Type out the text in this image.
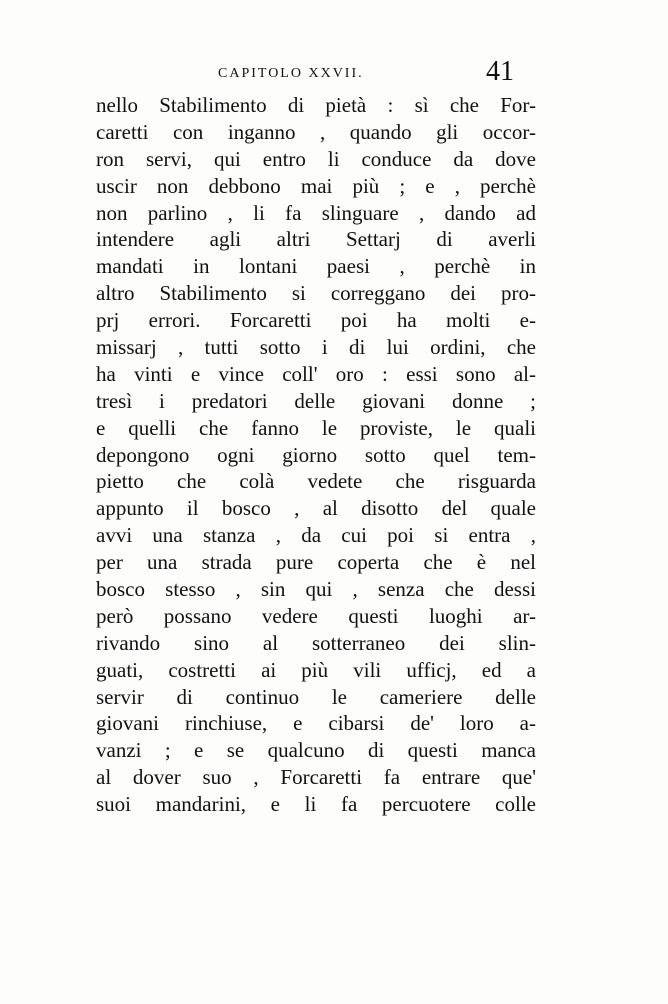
CAPITOLO XXVII.	41
nello Stabilimento di pietà : sì che For-
caretti con inganno , quando gli occor-
ron servi, qui entro li conduce da dove
uscir non debbono mai più ; e , perchè
non parlino , li fa slinguare , dando ad
intendere agli altri Settarj di averli
mandati in lontani paesi , perchè in
altro Stabilimento si correggano dei pro-
prj errori. Forcaretti poi ha molti e-
missarj , tutti sotto i di lui ordini, che
ha vinti e vince coll' oro : essi sono al-
tresì i predatori delle giovani donne ;
e quelli che fanno le proviste, le quali
depongono ogni giorno sotto quel tem-
pietto che colà vedete che risguarda
appunto il bosco , al disotto del quale
avvi una stanza , da cui poi si entra ,
per una strada pure coperta che è nel
bosco stesso , sin qui , senza che dessi
però possano vedere questi luoghi ar-
rivando sino al sotterraneo dei slin-
guati, costretti ai più vili ufficj, ed a
servir di continuo le cameriere delle
giovani rinchiuse, e cibarsi de' loro a-
vanzi ; e se qualcuno di questi manca
al dover suo , Forcaretti fa entrare que'
suoi mandarini, e li fa percuotere colle
